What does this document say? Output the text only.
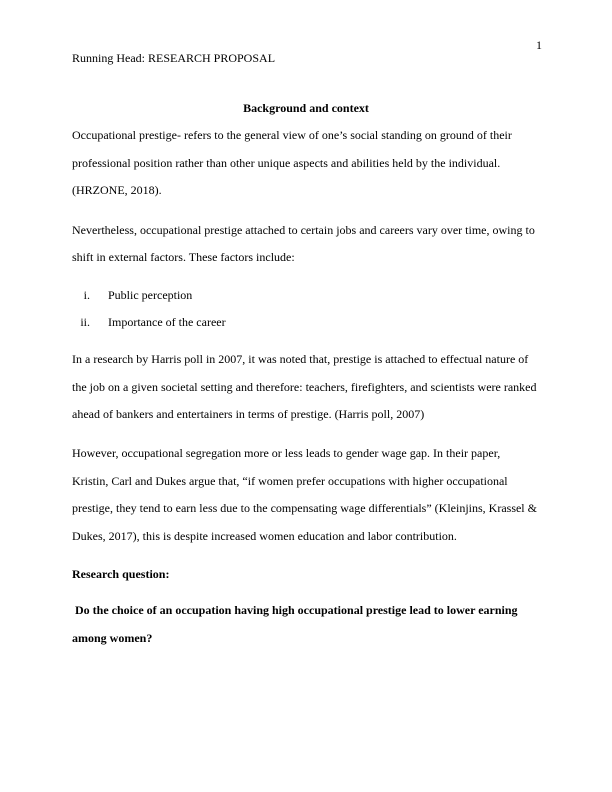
1
Running Head: RESEARCH PROPOSAL
Background and context
Occupational prestige- refers to the general view of one’s social standing on ground of their
professional position rather than other unique aspects and abilities held by the individual.
(HRZONE, 2018).
Nevertheless, occupational prestige attached to certain jobs and careers vary over time, owing to
shift in external factors. These factors include:
i. Public perception
ii. Importance of the career
In a research by Harris poll in 2007, it was noted that, prestige is attached to effectual nature of
the job on a given societal setting and therefore: teachers, firefighters, and scientists were ranked
ahead of bankers and entertainers in terms of prestige. (Harris poll, 2007)
However, occupational segregation more or less leads to gender wage gap. In their paper,
Kristin, Carl and Dukes argue that, “if women prefer occupations with higher occupational
prestige, they tend to earn less due to the compensating wage differentials” (Kleinjins, Krassel &
Dukes, 2017), this is despite increased women education and labor contribution.
Research question:
Do the choice of an occupation having high occupational prestige lead to lower earning
among women?
